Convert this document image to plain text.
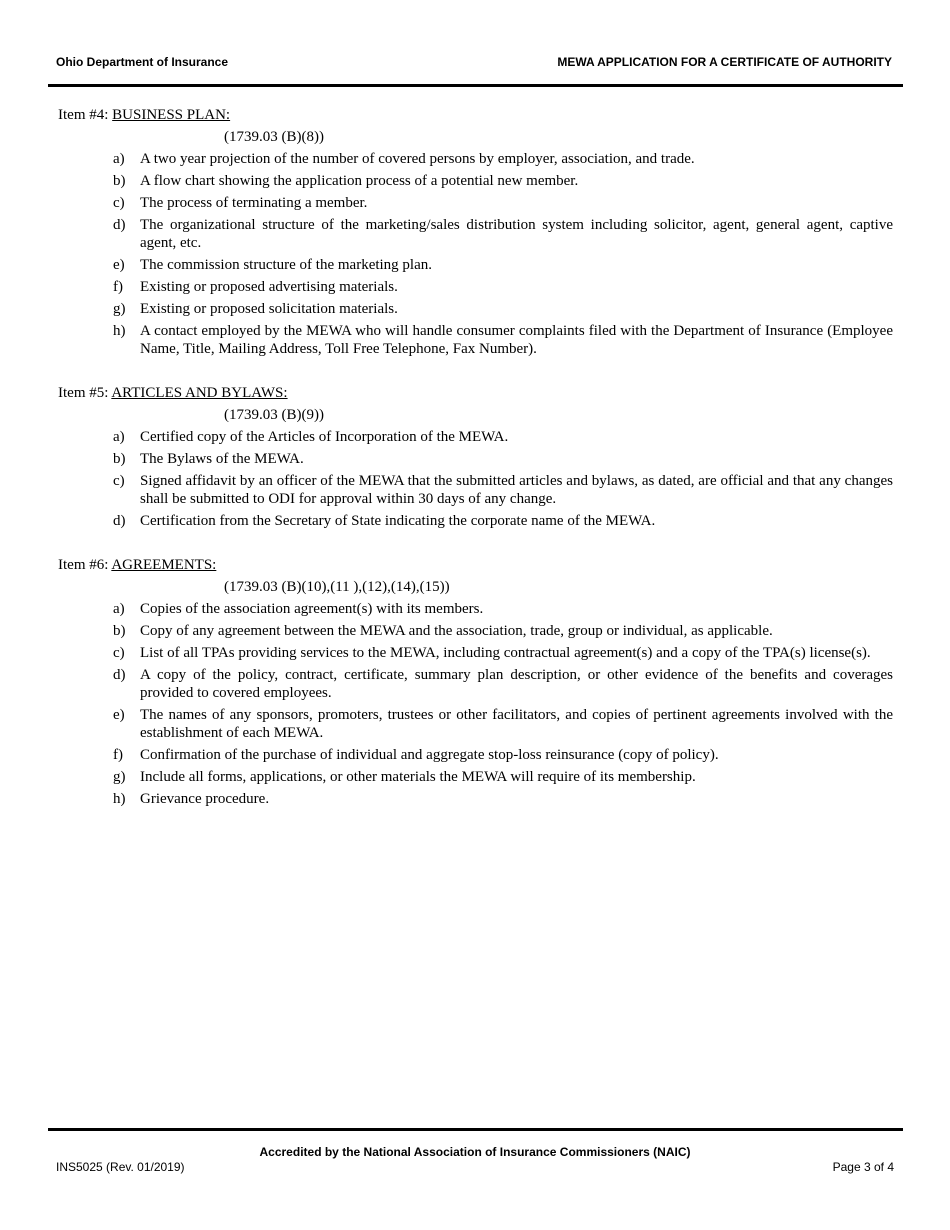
Ohio Department of Insurance	MEWA APPLICATION FOR A CERTIFICATE OF AUTHORITY

Item #4: BUSINESS PLAN:

(1739.03 (B)(8))
a) A two year projection of the number of covered persons by employer, association, and trade.
b) A flow chart showing the application process of a potential new member.
c) The process of terminating a member.
d) The organizational structure of the marketing/sales distribution system including solicitor, agent, general agent, captive agent, etc.
e) The commission structure of the marketing plan.
f) Existing or proposed advertising materials.
g) Existing or proposed solicitation materials.
h) A contact employed by the MEWA who will handle consumer complaints filed with the Department of Insurance (Employee Name, Title, Mailing Address, Toll Free Telephone, Fax Number).

Item #5: ARTICLES AND BYLAWS:

(1739.03 (B)(9))
a) Certified copy of the Articles of Incorporation of the MEWA.
b) The Bylaws of the MEWA.
c) Signed affidavit by an officer of the MEWA that the submitted articles and bylaws, as dated, are official and that any changes shall be submitted to ODI for approval within 30 days of any change.
d) Certification from the Secretary of State indicating the corporate name of the MEWA.

Item #6: AGREEMENTS:

(1739.03 (B)(10),(11 ),(12),(14),(15))
a) Copies of the association agreement(s) with its members.
b) Copy of any agreement between the MEWA and the association, trade, group or individual, as applicable.
c) List of all TPAs providing services to the MEWA, including contractual agreement(s) and a copy of the TPA(s) license(s).
d) A copy of the policy, contract, certificate, summary plan description, or other evidence of the benefits and coverages provided to covered employees.
e) The names of any sponsors, promoters, trustees or other facilitators, and copies of pertinent agreements involved with the establishment of each MEWA.
f) Confirmation of the purchase of individual and aggregate stop-loss reinsurance (copy of policy).
g) Include all forms, applications, or other materials the MEWA will require of its membership.
h) Grievance procedure.
Accredited by the National Association of Insurance Commissioners (NAIC)
INS5025 (Rev. 01/2019)	Page 3 of 4
